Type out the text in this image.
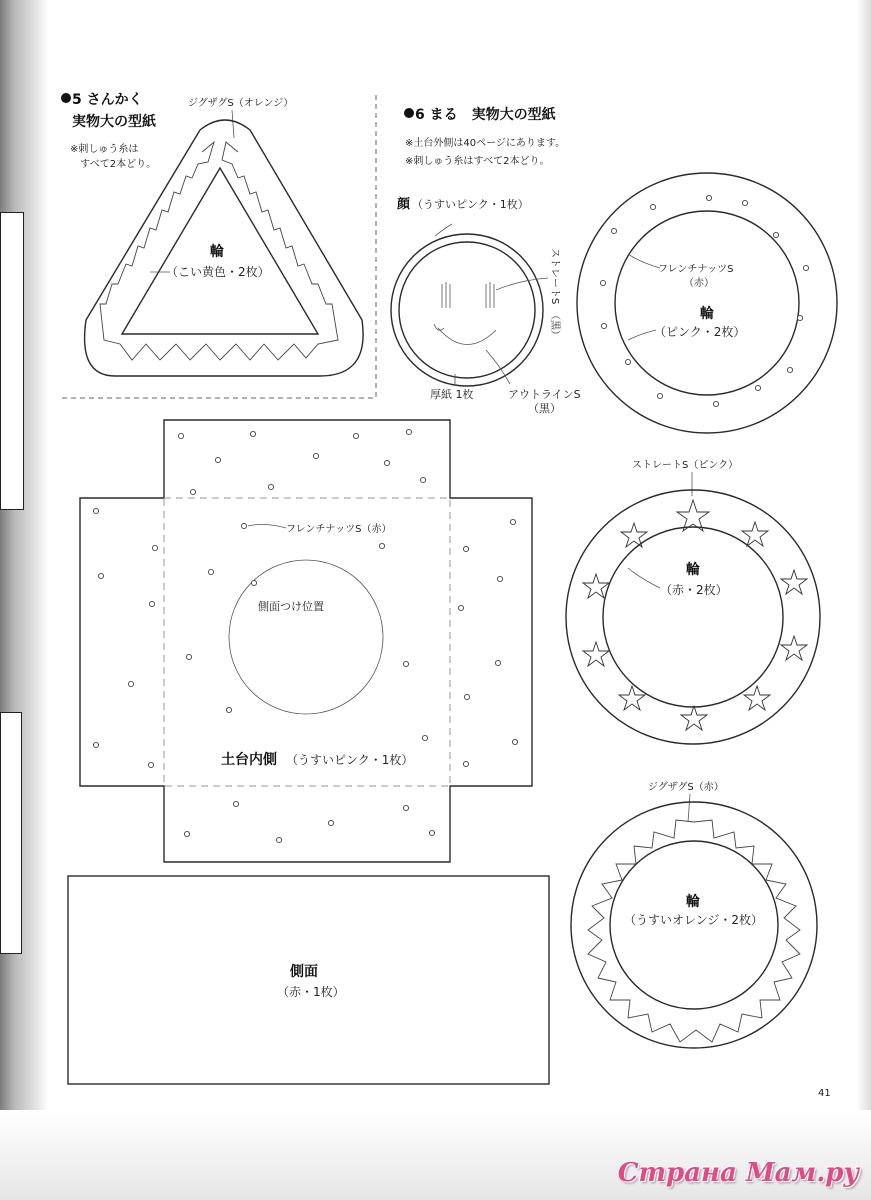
5 さんかく
実物大の型紙
※刺しゅう糸は
すべて2本どり。
ジグザグS（オレンジ）
輪
（こい黄色・2枚）
6 まる　実物大の型紙
※土台外側は40ページにあります。
※刺しゅう糸はすべて2本どり。
顔 （うすいピンク・1枚）
ストレートS
（黒）
厚紙 1枚	アウトラインS
（黒）
フレンチナッツS
（赤）
輪
（ピンク・2枚）
ストレートS（ピンク）
輪
（赤・2枚）
ジグザグS（赤）
輪
（うすいオレンジ・2枚）
フレンチナッツS（赤）
側面つけ位置
土台内側 （うすいピンク・1枚）
側面
（赤・1枚）
41
Страна Мам.ру
